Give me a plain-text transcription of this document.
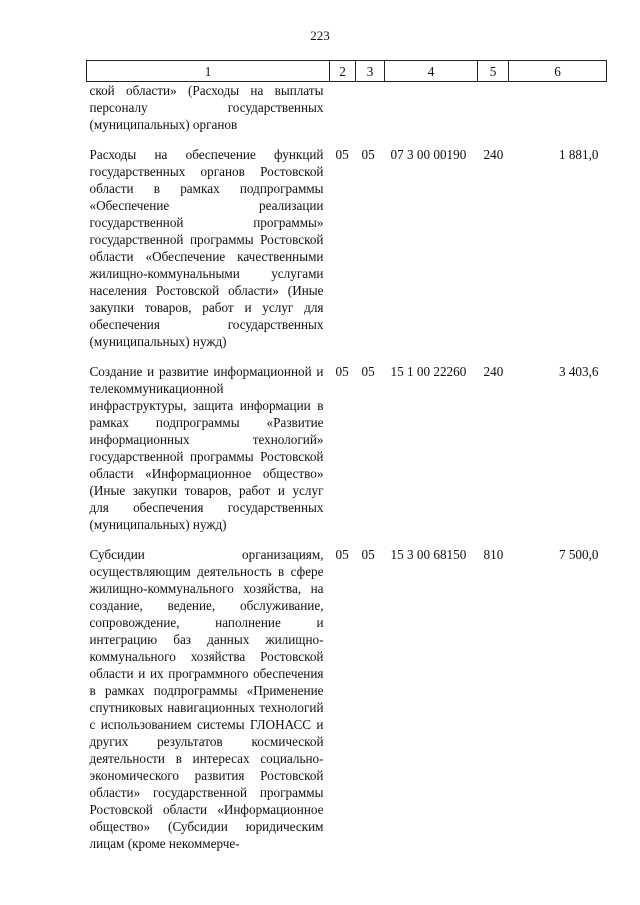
223
1	2	3	4	5	6
ской области» (Расходы на выплаты персоналу государственных (муниципальных) органов					
Расходы на обеспечение функций государственных органов Ростовской области в рамках подпрограммы «Обеспечение реализации государственной программы» государственной программы Ростовской области «Обеспечение качественными жилищно-коммунальными услугами населения Ростовской области» (Иные закупки товаров, работ и услуг для обеспечения государственных (муниципальных) нужд)	05	05	07 3 00 00190	240	1 881,0
Создание и развитие информационной и телекоммуникационной инфраструктуры, защита информации в рамках подпрограммы «Развитие информационных технологий» государственной программы Ростовской области «Информационное общество» (Иные закупки товаров, работ и услуг для обеспечения государственных (муниципальных) нужд)	05	05	15 1 00 22260	240	3 403,6
Субсидии организациям, осуществляющим деятельность в сфере жилищно-коммунального хозяйства, на создание, ведение, обслуживание, сопровождение, наполнение и интеграцию баз данных жилищно-коммунального хозяйства Ростовской области и их программного обеспечения в рамках подпрограммы «Применение спутниковых навигационных технологий с использованием системы ГЛОНАСС и других результатов космической деятельности в интересах социально-экономического развития Ростовской области» государственной программы Ростовской области «Информационное общество» (Субсидии юридическим лицам (кроме некоммерче-	05	05	15 3 00 68150	810	7 500,0
